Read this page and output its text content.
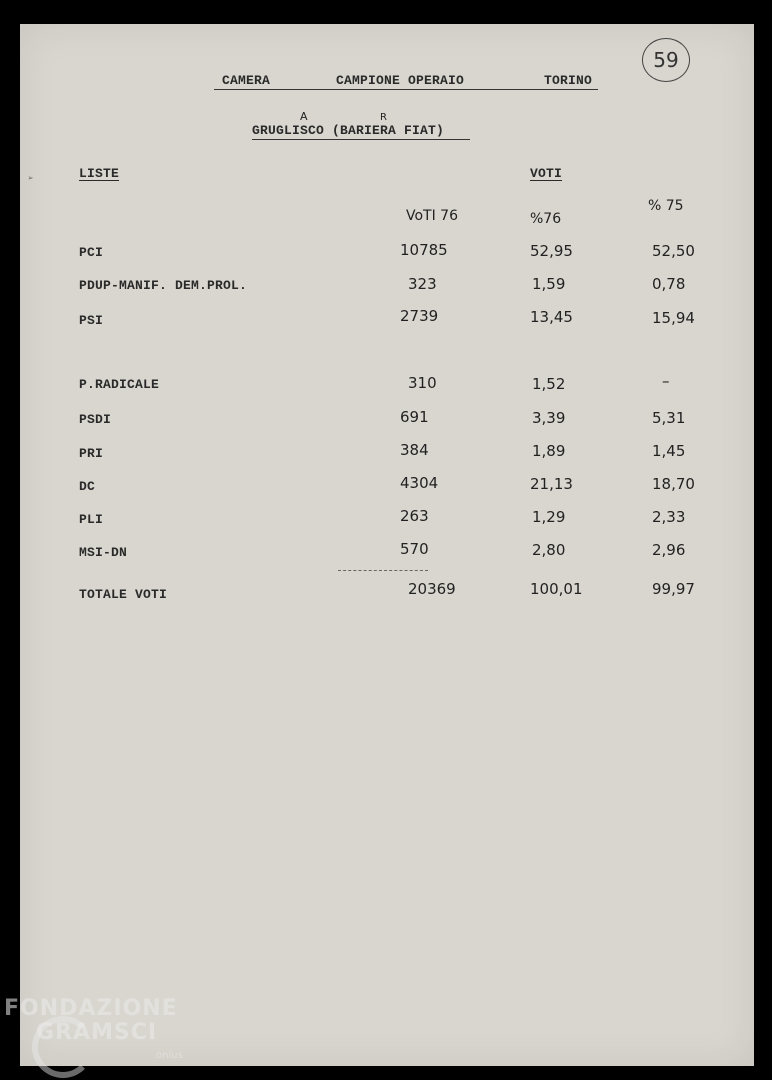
CAMERA	CAMPIONE OPERAIO	TORINO
59
A	R
GRUGLISCO (BARIERA FIAT)
➢	LISTE	VOTI
VoTI 76	%76
% 75
PCI	10785	52,95	52,50
PDUP-MANIF. DEM.PROL.	323	1,59	0,78
PSI	2739	13,45	15,94
P.RADICALE	310	1,52	–
PSDI	691	3,39	5,31
PRI	384	1,89	1,45
DC	4304	21,13	18,70
PLI	263	1,29	2,33
MSI-DN	570	2,80	2,96
TOTALE VOTI	20369	100,01	99,97
FONDAZIONE
GRAMSCI
onlus
